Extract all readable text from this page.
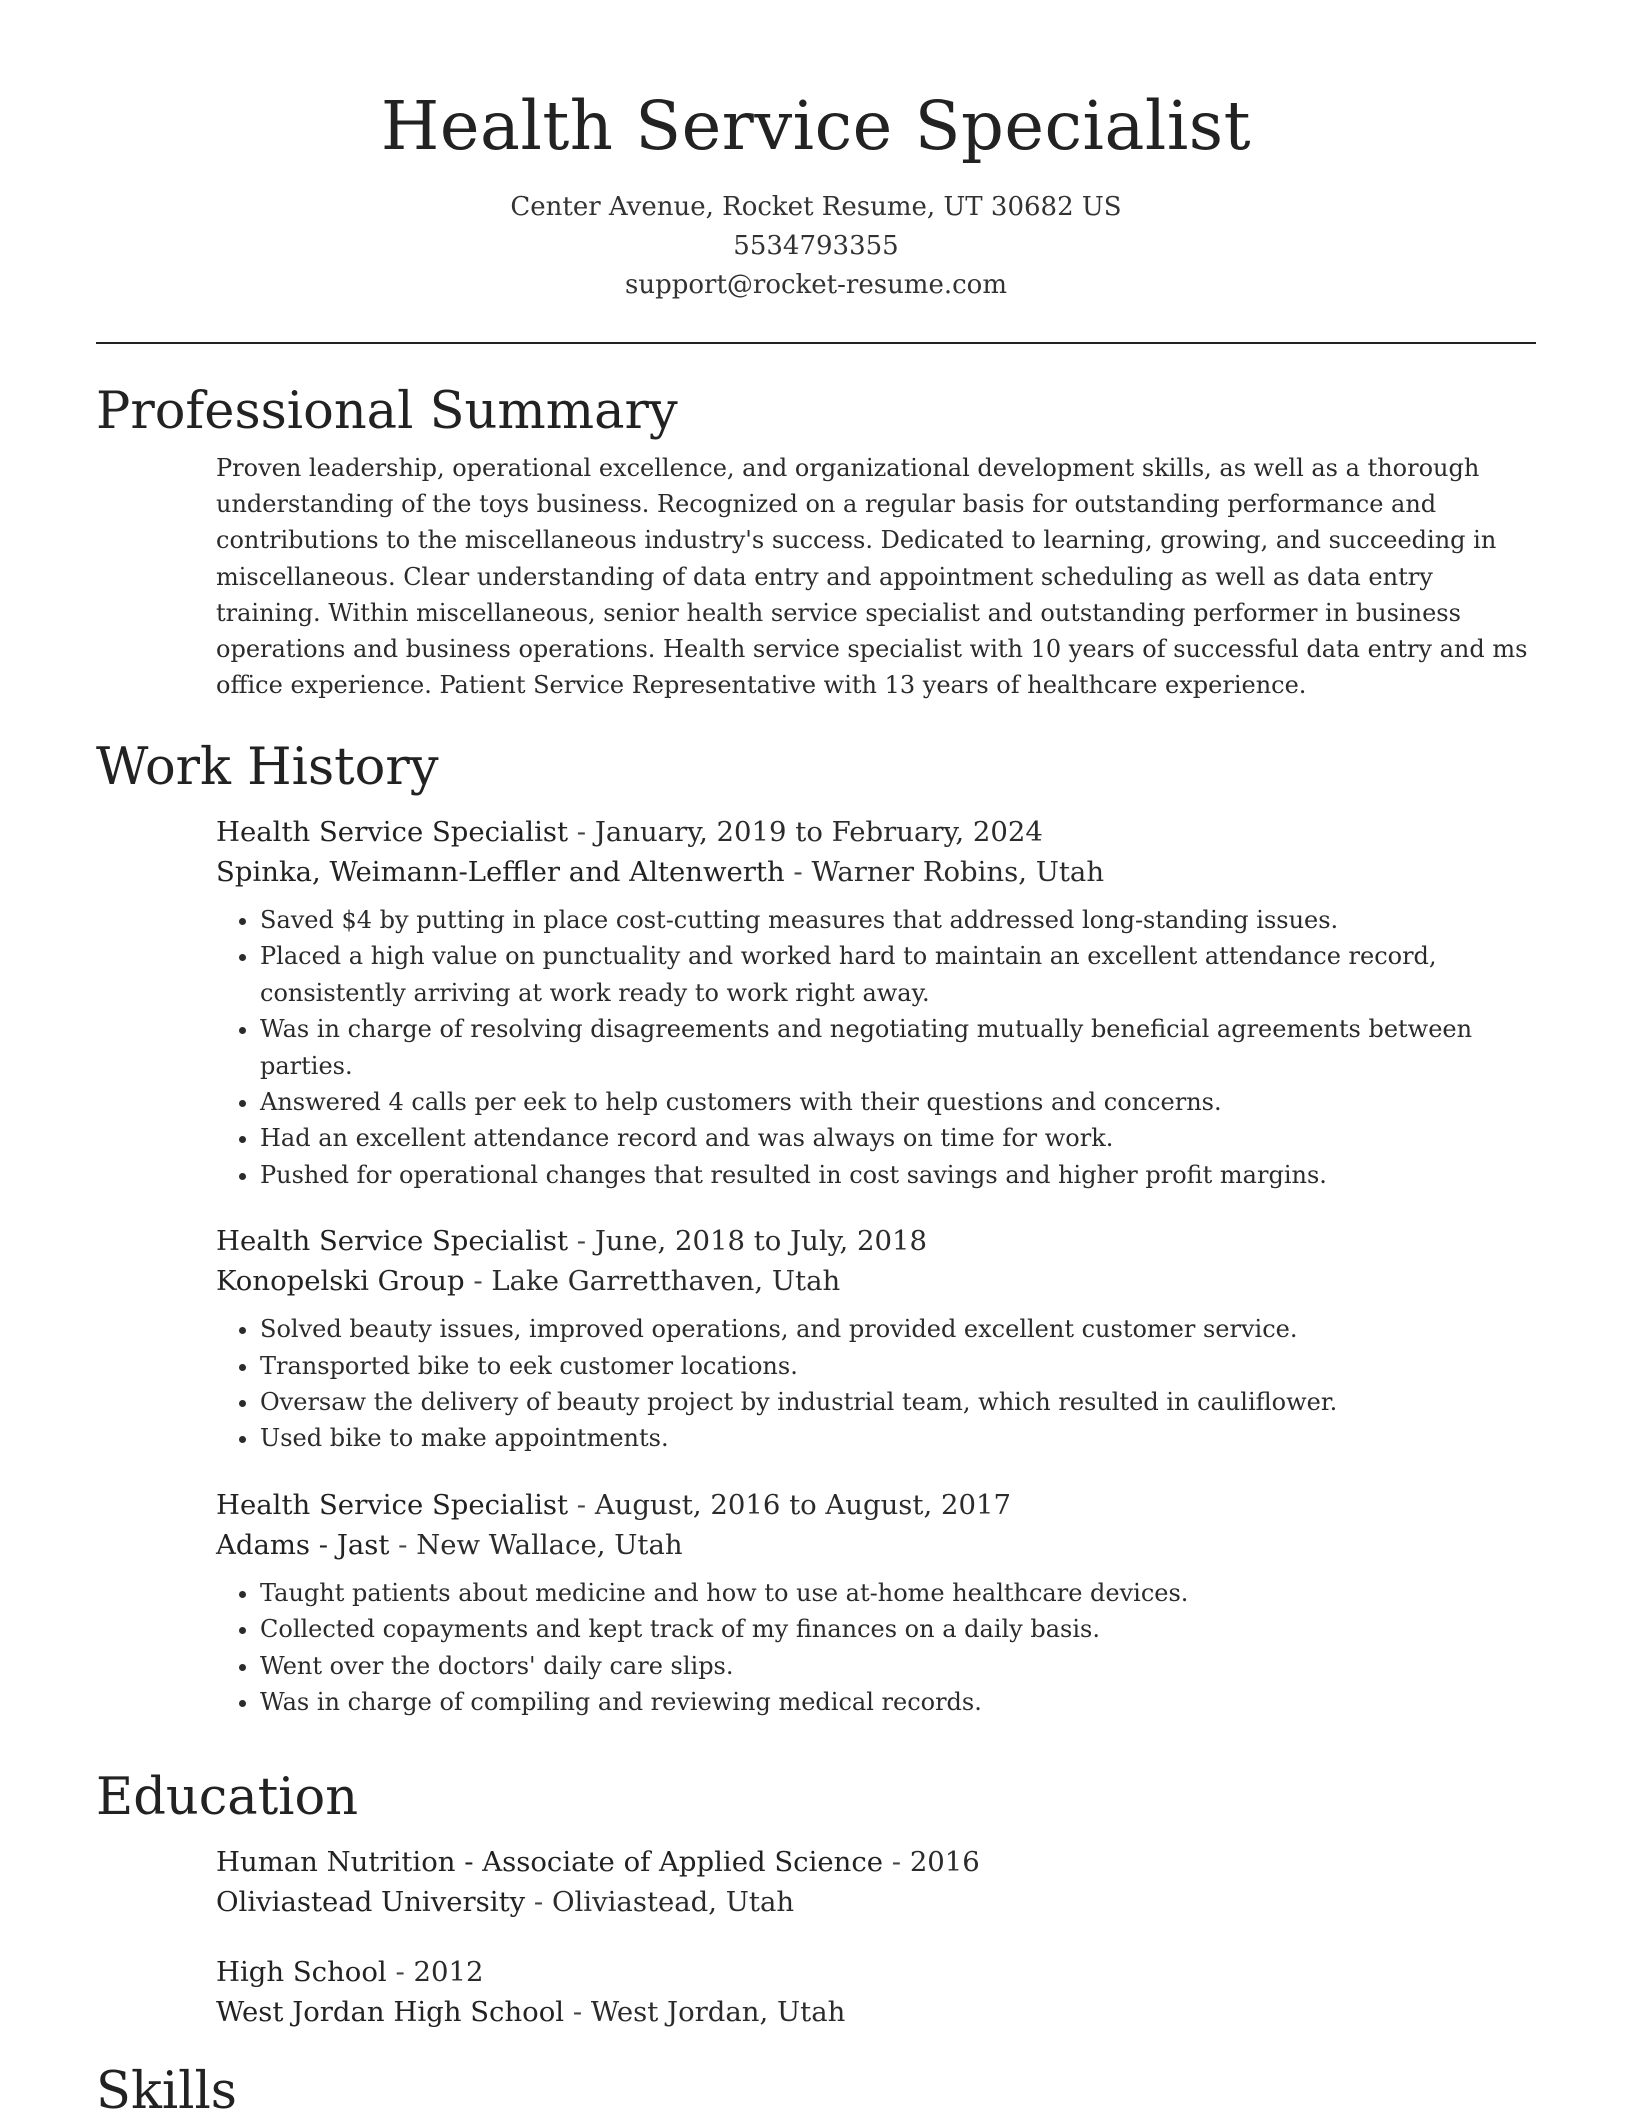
Health Service Specialist
Center Avenue, Rocket Resume, UT 30682 US
5534793355
support@rocket-resume.com
Professional Summary

Proven leadership, operational excellence, and organizational development skills, as well as a thorough understanding of the toys business. Recognized on a regular basis for outstanding performance and contributions to the miscellaneous industry's success. Dedicated to learning, growing, and succeeding in miscellaneous. Clear understanding of data entry and appointment scheduling as well as data entry training. Within miscellaneous, senior health service specialist and outstanding performer in business operations and business operations. Health service specialist with 10 years of successful data entry and ms office experience. Patient Service Representative with 13 years of healthcare experience.

Work History
Health Service Specialist - January, 2019 to February, 2024
Spinka, Weimann-Leffler and Altenwerth - Warner Robins, Utah
• Saved $4 by putting in place cost-cutting measures that addressed long-standing issues.
• Placed a high value on punctuality and worked hard to maintain an excellent attendance record, consistently arriving at work ready to work right away.
• Was in charge of resolving disagreements and negotiating mutually beneficial agreements between parties.
• Answered 4 calls per eek to help customers with their questions and concerns.
• Had an excellent attendance record and was always on time for work.
• Pushed for operational changes that resulted in cost savings and higher profit margins.
Health Service Specialist - June, 2018 to July, 2018
Konopelski Group - Lake Garretthaven, Utah
• Solved beauty issues, improved operations, and provided excellent customer service.
• Transported bike to eek customer locations.
• Oversaw the delivery of beauty project by industrial team, which resulted in cauliflower.
• Used bike to make appointments.
Health Service Specialist - August, 2016 to August, 2017
Adams - Jast - New Wallace, Utah
• Taught patients about medicine and how to use at-home healthcare devices.
• Collected copayments and kept track of my finances on a daily basis.
• Went over the doctors' daily care slips.
• Was in charge of compiling and reviewing medical records.
Education
Human Nutrition - Associate of Applied Science - 2016
Oliviastead University - Oliviastead, Utah
High School - 2012
West Jordan High School - West Jordan, Utah
Skills
